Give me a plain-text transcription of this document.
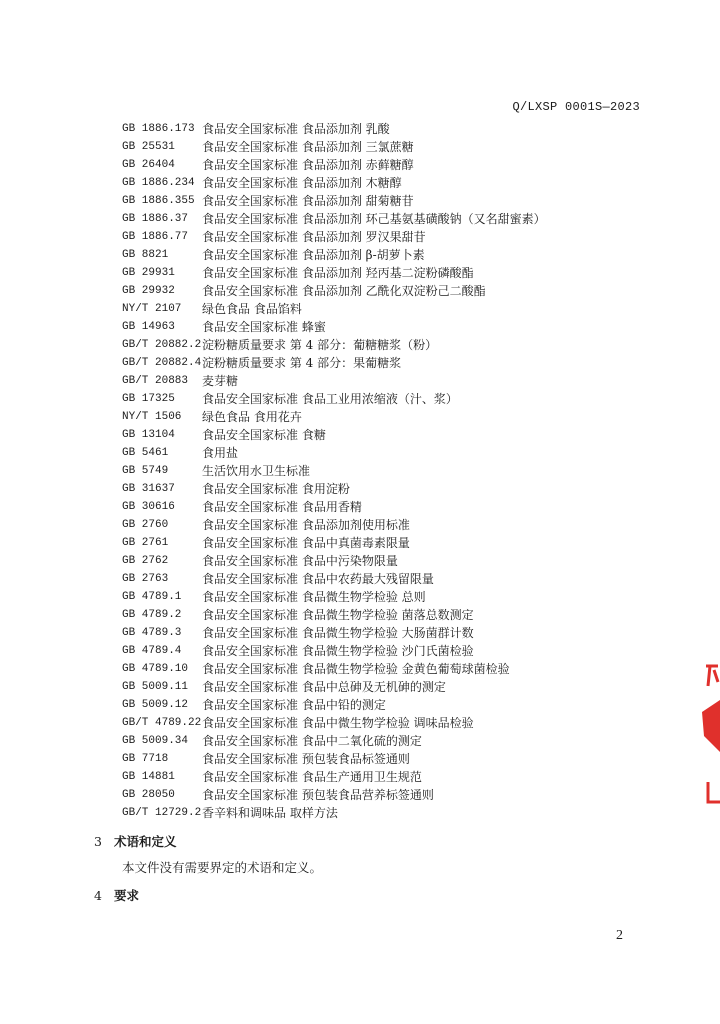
Q/LXSP 0001S—2023
GB 1886.173 食品安全国家标准 食品添加剂 乳酸
GB 25531	食品安全国家标准 食品添加剂 三氯蔗糖
GB 26404	食品安全国家标准 食品添加剂 赤藓糖醇
GB 1886.234 食品安全国家标准 食品添加剂 木糖醇
GB 1886.355 食品安全国家标准 食品添加剂 甜菊糖苷
GB 1886.37	食品安全国家标准 食品添加剂 环己基氨基磺酸钠（又名甜蜜素）
GB 1886.77	食品安全国家标准 食品添加剂 罗汉果甜苷
GB 8821	食品安全国家标准 食品添加剂 β-胡萝卜素
GB 29931	食品安全国家标准 食品添加剂 羟丙基二淀粉磷酸酯
GB 29932	食品安全国家标准 食品添加剂 乙酰化双淀粉己二酸酯
NY/T 2107	绿色食品 食品馅料
GB 14963	食品安全国家标准 蜂蜜
GB/T 20882.2 淀粉糖质量要求 第 4 部分：葡糖糖浆（粉）
GB/T 20882.4 淀粉糖质量要求 第 4 部分：果葡糖浆
GB/T 20883	麦芽糖
GB 17325	食品安全国家标准 食品工业用浓缩液（汁、浆）
NY/T 1506	绿色食品 食用花卉
GB 13104	食品安全国家标准 食糖
GB 5461	食用盐
GB 5749	生活饮用水卫生标准
GB 31637	食品安全国家标准 食用淀粉
GB 30616	食品安全国家标准 食品用香精
GB 2760	食品安全国家标准 食品添加剂使用标准
GB 2761	食品安全国家标准 食品中真菌毒素限量
GB 2762	食品安全国家标准 食品中污染物限量
GB 2763	食品安全国家标准 食品中农药最大残留限量
GB 4789.1	食品安全国家标准 食品微生物学检验 总则
GB 4789.2	食品安全国家标准 食品微生物学检验 菌落总数测定
GB 4789.3	食品安全国家标准 食品微生物学检验 大肠菌群计数
GB 4789.4	食品安全国家标准 食品微生物学检验 沙门氏菌检验
GB 4789.10	食品安全国家标准 食品微生物学检验 金黄色葡萄球菌检验
GB 5009.11	食品安全国家标准 食品中总砷及无机砷的测定
GB 5009.12	食品安全国家标准 食品中铅的测定
GB/T 4789.22 食品安全国家标准 食品中微生物学检验 调味品检验
GB 5009.34	食品安全国家标准 食品中二氧化硫的测定
GB 7718	食品安全国家标准 预包装食品标签通则
GB 14881	食品安全国家标准 食品生产通用卫生规范
GB 28050	食品安全国家标准 预包装食品营养标签通则
GB/T 12729.2 香辛料和调味品 取样方法
3 术语和定义
本文件没有需要界定的术语和定义。
4 要求
2
